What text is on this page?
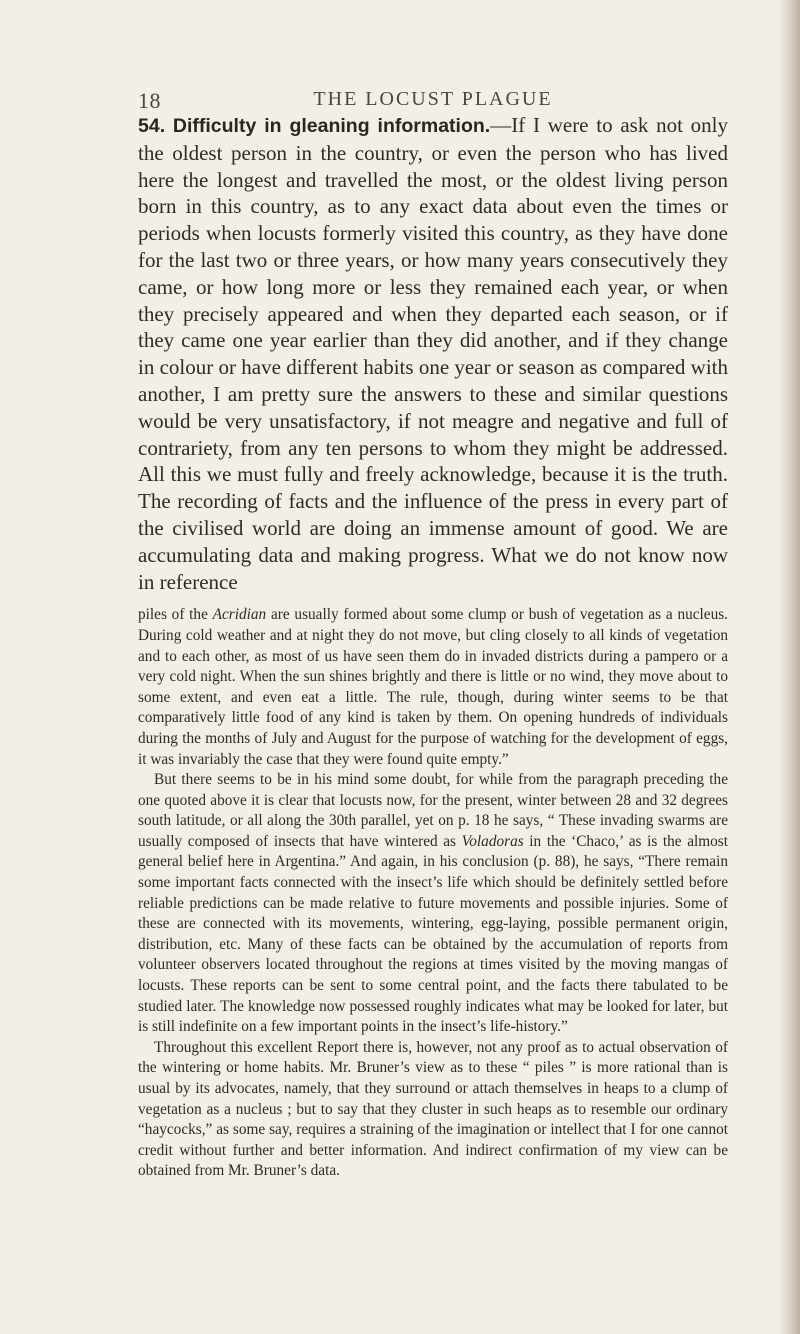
18	THE LOCUST PLAGUE
54. Difficulty in gleaning information.—If I were to ask not only the oldest person in the country, or even the person who has lived here the longest and travelled the most, or the oldest living person born in this country, as to any exact data about even the times or periods when locusts formerly visited this country, as they have done for the last two or three years, or how many years consecutively they came, or how long more or less they remained each year, or when they precisely appeared and when they departed each season, or if they came one year earlier than they did another, and if they change in colour or have different habits one year or season as compared with another, I am pretty sure the answers to these and similar questions would be very unsatisfactory, if not meagre and negative and full of contrariety, from any ten persons to whom they might be addressed. All this we must fully and freely acknowledge, because it is the truth. The recording of facts and the influence of the press in every part of the civilised world are doing an immense amount of good. We are accumulating data and making progress. What we do not know now in reference

piles of the Acridian are usually formed about some clump or bush of vegetation as a nucleus. During cold weather and at night they do not move, but cling closely to all kinds of vegetation and to each other, as most of us have seen them do in invaded districts during a pampero or a very cold night. When the sun shines brightly and there is little or no wind, they move about to some extent, and even eat a little. The rule, though, during winter seems to be that comparatively little food of any kind is taken by them. On opening hundreds of individuals during the months of July and August for the purpose of watching for the development of eggs, it was invariably the case that they were found quite empty.”

But there seems to be in his mind some doubt, for while from the paragraph preceding the one quoted above it is clear that locusts now, for the present, winter between 28 and 32 degrees south latitude, or all along the 30th parallel, yet on p. 18 he says, “ These invading swarms are usually composed of insects that have wintered as Voladoras in the ‘Chaco,’ as is the almost general belief here in Argentina.” And again, in his conclusion (p. 88), he says, “There remain some important facts connected with the insect’s life which should be definitely settled before reliable predictions can be made relative to future movements and possible injuries. Some of these are connected with its movements, wintering, egg-laying, possible permanent origin, distribution, etc. Many of these facts can be obtained by the accumulation of reports from volunteer observers located throughout the regions at times visited by the moving mangas of locusts. These reports can be sent to some central point, and the facts there tabulated to be studied later. The knowledge now possessed roughly indicates what may be looked for later, but is still indefinite on a few important points in the insect’s life-history.”

Throughout this excellent Report there is, however, not any proof as to actual observation of the wintering or home habits. Mr. Bruner’s view as to these “ piles ” is more rational than is usual by its advocates, namely, that they surround or attach themselves in heaps to a clump of vegetation as a nucleus ; but to say that they cluster in such heaps as to resemble our ordinary “haycocks,” as some say, requires a straining of the imagination or intellect that I for one cannot credit without further and better information. And indirect confirmation of my view can be obtained from Mr. Bruner’s data.
